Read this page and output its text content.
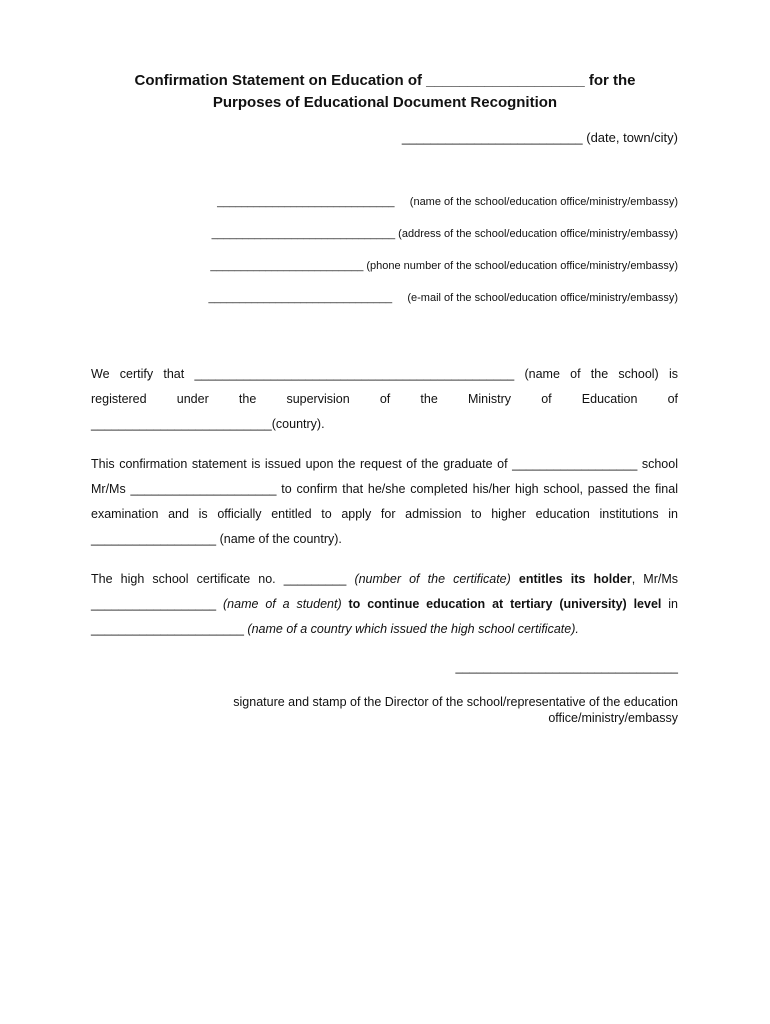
Confirmation Statement on Education of ___________________ for the
Purposes of Educational Document Recognition
_________________________ (date, town/city)
_____________________________     (name of the school/education office/ministry/embassy)
______________________________ (address of the school/education office/ministry/embassy)
_________________________ (phone number of the school/education office/ministry/embassy)
______________________________     (e-mail of the school/education office/ministry/embassy)
We certify that ______________________________________________ (name of the school) is
registered under the supervision of the Ministry of Education of
__________________________(country).
This confirmation statement is issued upon the request of the graduate of __________________ school Mr/Ms _____________________ to confirm that he/she completed his/her high school, passed the final examination and is officially entitled to apply for admission to higher education institutions in __________________ (name of the country).
The high school certificate no. _________ (number of the certificate) entitles its holder, Mr/Ms __________________ (name of a student) to continue education at tertiary (university) level in ______________________ (name of a country which issued the high school certificate).
________________________________
signature and stamp of the Director of the school/representative of the education
office/ministry/embassy
